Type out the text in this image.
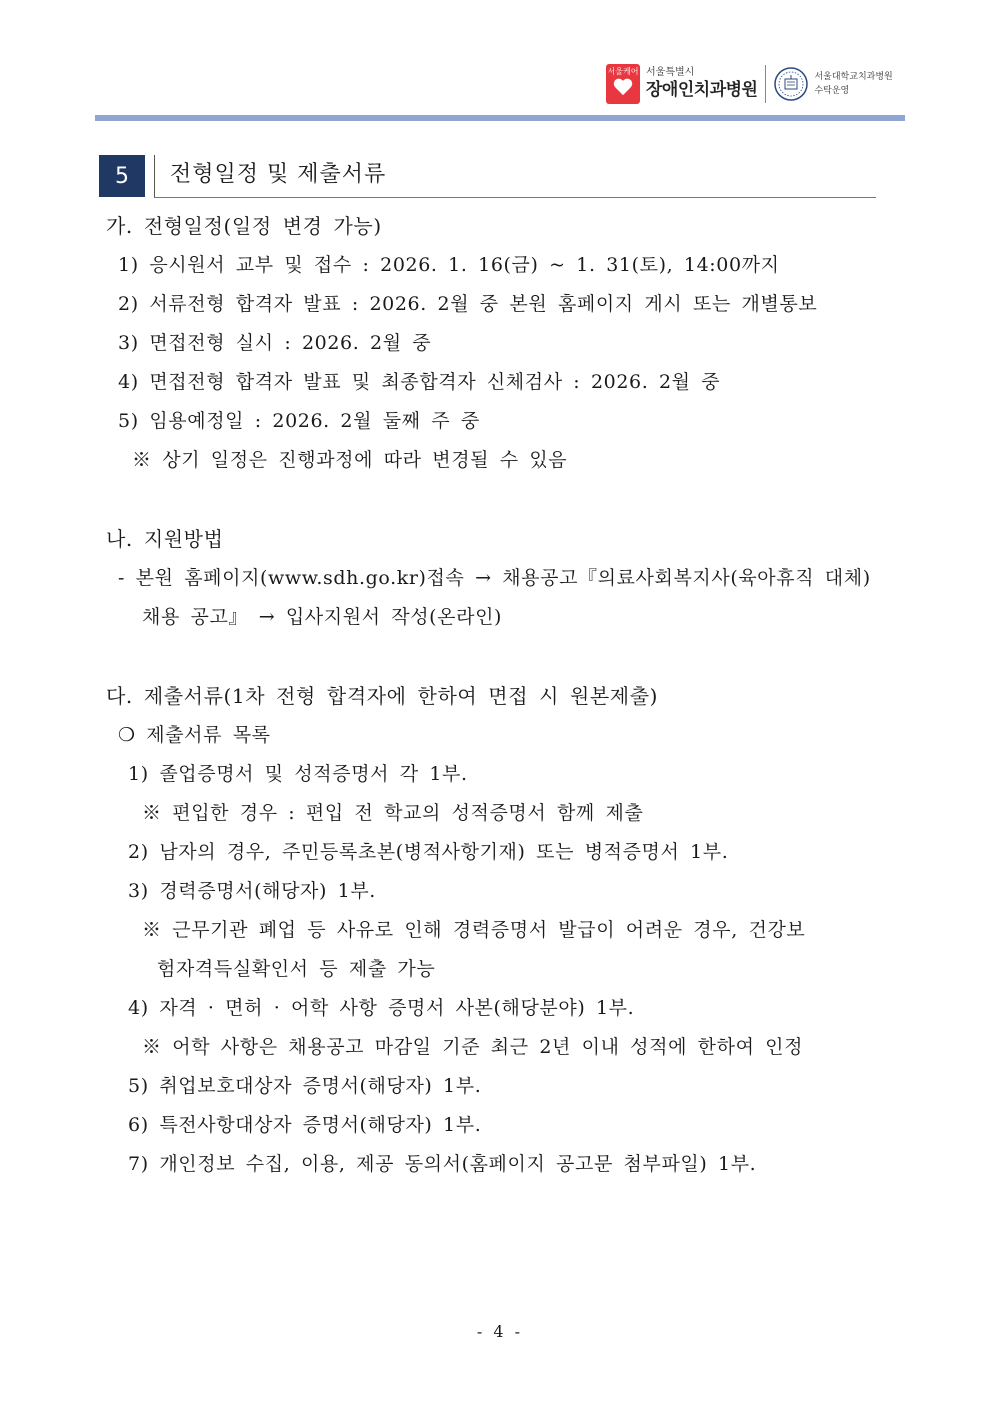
서울케어 서울특별시
장애인치과병원
서울대학교치과병원
수탁운영
5	전형일정 및 제출서류
가. 전형일정(일정 변경 가능)
1) 응시원서 교부 및 접수 : 2026. 1. 16(금) ~ 1. 31(토), 14:00까지
2) 서류전형 합격자 발표 : 2026. 2월 중 본원 홈페이지 게시 또는 개별통보
3) 면접전형 실시 : 2026. 2월 중
4) 면접전형 합격자 발표 및 최종합격자 신체검사 : 2026. 2월 중
5) 임용예정일 : 2026. 2월 둘째 주 중
※ 상기 일정은 진행과정에 따라 변경될 수 있음
나. 지원방법
- 본원 홈페이지(www.sdh.go.kr)접속 → 채용공고『의료사회복지사(육아휴직 대체)
채용 공고』 → 입사지원서 작성(온라인)
다. 제출서류(1차 전형 합격자에 한하여 면접 시 원본제출)
❍ 제출서류 목록
1) 졸업증명서 및 성적증명서 각 1부.
※ 편입한 경우 : 편입 전 학교의 성적증명서 함께 제출
2) 남자의 경우, 주민등록초본(병적사항기재) 또는 병적증명서 1부.
3) 경력증명서(해당자) 1부.
※ 근무기관 폐업 등 사유로 인해 경력증명서 발급이 어려운 경우, 건강보
험자격득실확인서 등 제출 가능
4) 자격 · 면허 · 어학 사항 증명서 사본(해당분야) 1부.
※ 어학 사항은 채용공고 마감일 기준 최근 2년 이내 성적에 한하여 인정
5) 취업보호대상자 증명서(해당자) 1부.
6) 특전사항대상자 증명서(해당자) 1부.
7) 개인정보 수집, 이용, 제공 동의서(홈페이지 공고문 첨부파일) 1부.
- 4 -
